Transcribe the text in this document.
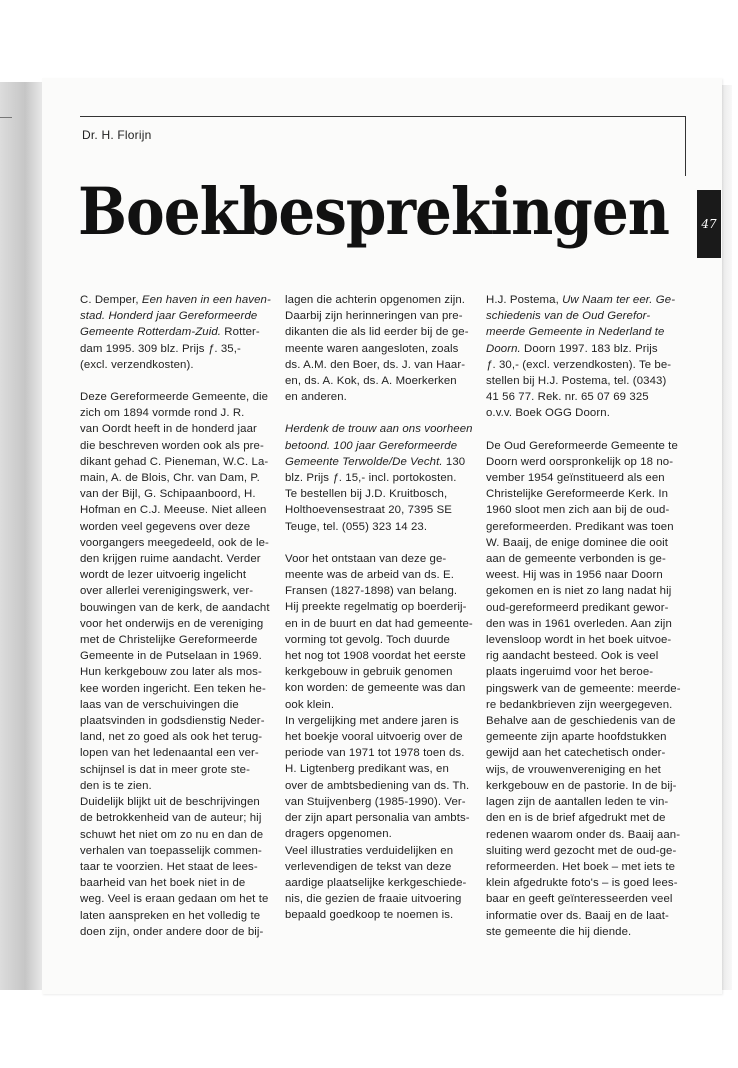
Dr. H. Florijn
Boekbesprekingen	47

C. Demper, Een haven in een haven-
stad. Honderd jaar Gereformeerde
Gemeente Rotterdam-Zuid. Rotter-
dam 1995. 309 blz. Prijs ƒ. 35,-
(excl. verzendkosten).

Deze Gereformeerde Gemeente, die
zich om 1894 vormde rond J. R.
van Oordt heeft in de honderd jaar
die beschreven worden ook als pre-
dikant gehad C. Pieneman, W.C. La-
main, A. de Blois, Chr. van Dam, P.
van der Bijl, G. Schipaanboord, H.
Hofman en C.J. Meeuse. Niet alleen
worden veel gegevens over deze
voorgangers meegedeeld, ook de le-
den krijgen ruime aandacht. Verder
wordt de lezer uitvoerig ingelicht
over allerlei verenigingswerk, ver-
bouwingen van de kerk, de aandacht
voor het onderwijs en de vereniging
met de Christelijke Gereformeerde
Gemeente in de Putselaan in 1969.
Hun kerkgebouw zou later als mos-
kee worden ingericht. Een teken he-
laas van de verschuivingen die
plaatsvinden in godsdienstig Neder-
land, net zo goed als ook het terug-
lopen van het ledenaantal een ver-
schijnsel is dat in meer grote ste-
den is te zien.

Duidelijk blijkt uit de beschrijvingen
de betrokkenheid van de auteur; hij
schuwt het niet om zo nu en dan de
verhalen van toepasselijk commen-
taar te voorzien. Het staat de lees-
baarheid van het boek niet in de
weg. Veel is eraan gedaan om het te
laten aanspreken en het volledig te
doen zijn, onder andere door de bij-

lagen die achterin opgenomen zijn.
Daarbij zijn herinneringen van pre-
dikanten die als lid eerder bij de ge-
meente waren aangesloten, zoals
ds. A.M. den Boer, ds. J. van Haar-
en, ds. A. Kok, ds. A. Moerkerken
en anderen.

Herdenk de trouw aan ons voorheen
betoond. 100 jaar Gereformeerde
Gemeente Terwolde/De Vecht. 130
blz. Prijs ƒ. 15,- incl. portokosten.
Te bestellen bij J.D. Kruitbosch,
Holthoevensestraat 20, 7395 SE
Teuge, tel. (055) 323 14 23.

Voor het ontstaan van deze ge-
meente was de arbeid van ds. E.
Fransen (1827-1898) van belang.
Hij preekte regelmatig op boerderij-
en in de buurt en dat had gemeente-
vorming tot gevolg. Toch duurde
het nog tot 1908 voordat het eerste
kerkgebouw in gebruik genomen
kon worden: de gemeente was dan
ook klein.

In vergelijking met andere jaren is
het boekje vooral uitvoerig over de
periode van 1971 tot 1978 toen ds.
H. Ligtenberg predikant was, en
over de ambtsbediening van ds. Th.
van Stuijvenberg (1985-1990). Ver-
der zijn apart personalia van ambts-
dragers opgenomen.

Veel illustraties verduidelijken en
verlevendigen de tekst van deze
aardige plaatselijke kerkgeschiede-
nis, die gezien de fraaie uitvoering
bepaald goedkoop te noemen is.

H.J. Postema, Uw Naam ter eer. Ge-
schiedenis van de Oud Gerefor-
meerde Gemeente in Nederland te
Doorn. Doorn 1997. 183 blz. Prijs
ƒ. 30,- (excl. verzendkosten). Te be-
stellen bij H.J. Postema, tel. (0343)
41 56 77. Rek. nr. 65 07 69 325
o.v.v. Boek OGG Doorn.

De Oud Gereformeerde Gemeente te
Doorn werd oorspronkelijk op 18 no-
vember 1954 geïnstitueerd als een
Christelijke Gereformeerde Kerk. In
1960 sloot men zich aan bij de oud-
gereformeerden. Predikant was toen
W. Baaij, de enige dominee die ooit
aan de gemeente verbonden is ge-
weest. Hij was in 1956 naar Doorn
gekomen en is niet zo lang nadat hij
oud-gereformeerd predikant gewor-
den was in 1961 overleden. Aan zijn
levensloop wordt in het boek uitvoe-
rig aandacht besteed. Ook is veel
plaats ingeruimd voor het beroe-
pingswerk van de gemeente: meerde-
re bedankbrieven zijn weergegeven.
Behalve aan de geschiedenis van de
gemeente zijn aparte hoofdstukken
gewijd aan het catechetisch onder-
wijs, de vrouwenvereniging en het
kerkgebouw en de pastorie. In de bij-
lagen zijn de aantallen leden te vin-
den en is de brief afgedrukt met de
redenen waarom onder ds. Baaij aan-
sluiting werd gezocht met de oud-ge-
reformeerden. Het boek – met iets te
klein afgedrukte foto's – is goed lees-
baar en geeft geïnteresseerden veel
informatie over ds. Baaij en de laat-
ste gemeente die hij diende.
